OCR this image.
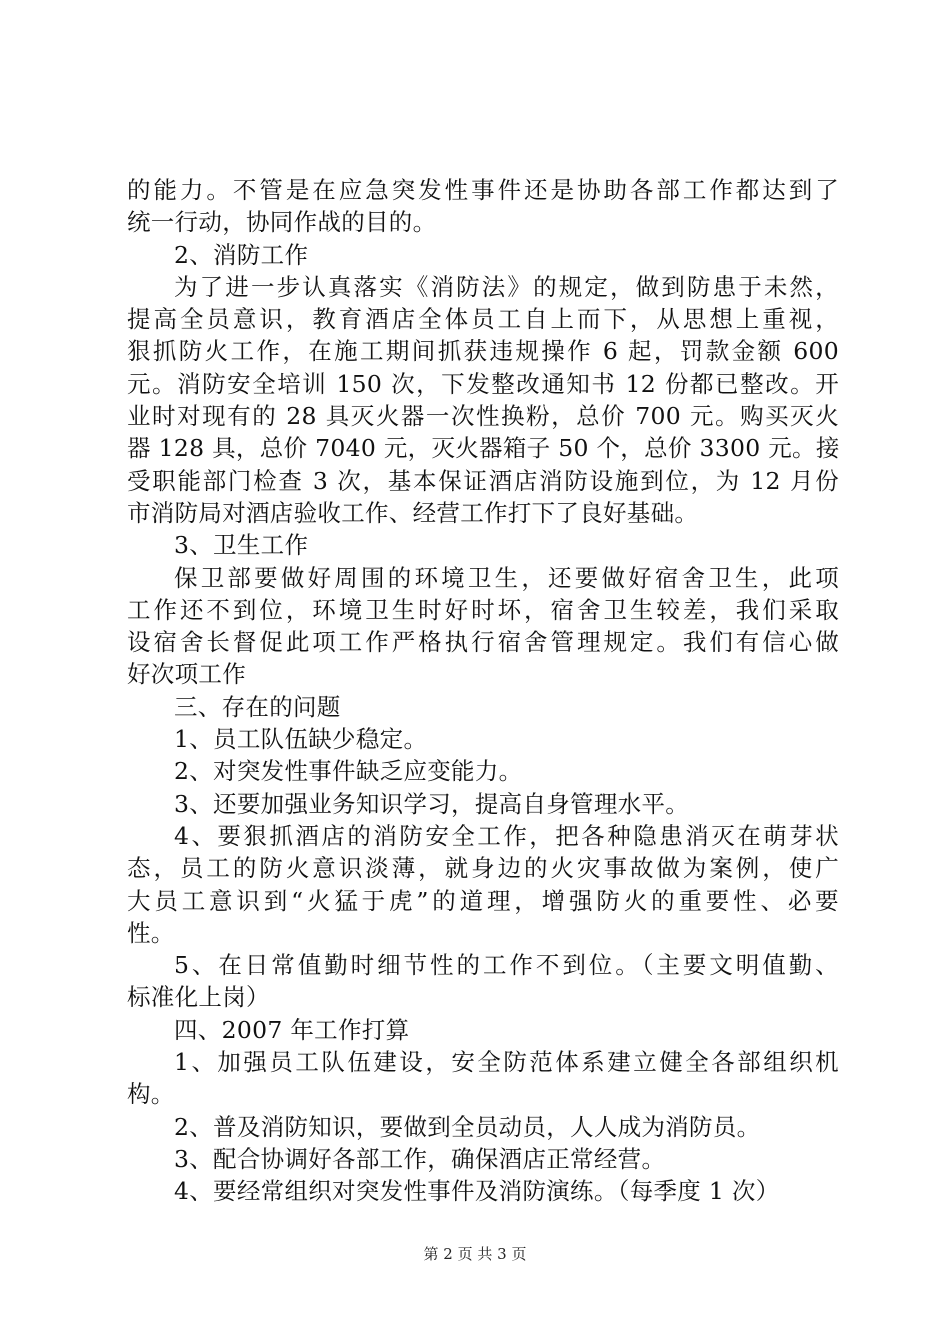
的能力。不管是在应急突发性事件还是协助各部工作都达到了
统一行动，协同作战的目的。
2、消防工作
为了进一步认真落实《消防法》的规定，做到防患于未然，
提高全员意识，教育酒店全体员工自上而下，从思想上重视，
狠抓防火工作，在施工期间抓获违规操作 6 起，罚款金额 600
元。消防安全培训 150 次，下发整改通知书 12 份都已整改。开
业时对现有的 28 具灭火器一次性换粉，总价 700 元。购买灭火
器 128 具，总价 7040 元，灭火器箱子 50 个，总价 3300 元。接
受职能部门检查 3 次，基本保证酒店消防设施到位，为 12 月份
市消防局对酒店验收工作、经营工作打下了良好基础。
3、卫生工作
保卫部要做好周围的环境卫生，还要做好宿舍卫生，此项
工作还不到位，环境卫生时好时坏，宿舍卫生较差，我们采取
设宿舍长督促此项工作严格执行宿舍管理规定。我们有信心做
好次项工作
三、存在的问题
1、员工队伍缺少稳定。
2、对突发性事件缺乏应变能力。
3、还要加强业务知识学习，提高自身管理水平。
4、要狠抓酒店的消防安全工作，把各种隐患消灭在萌芽状
态，员工的防火意识淡薄，就身边的火灾事故做为案例，使广
大员工意识到“火猛于虎”的道理，增强防火的重要性、必要
性。
5、在日常值勤时细节性的工作不到位。（主要文明值勤、
标准化上岗）
四、2007 年工作打算
1、加强员工队伍建设，安全防范体系建立健全各部组织机
构。
2、普及消防知识，要做到全员动员，人人成为消防员。
3、配合协调好各部工作，确保酒店正常经营。
4、要经常组织对突发性事件及消防演练。（每季度 1 次）
第 2 页 共 3 页
